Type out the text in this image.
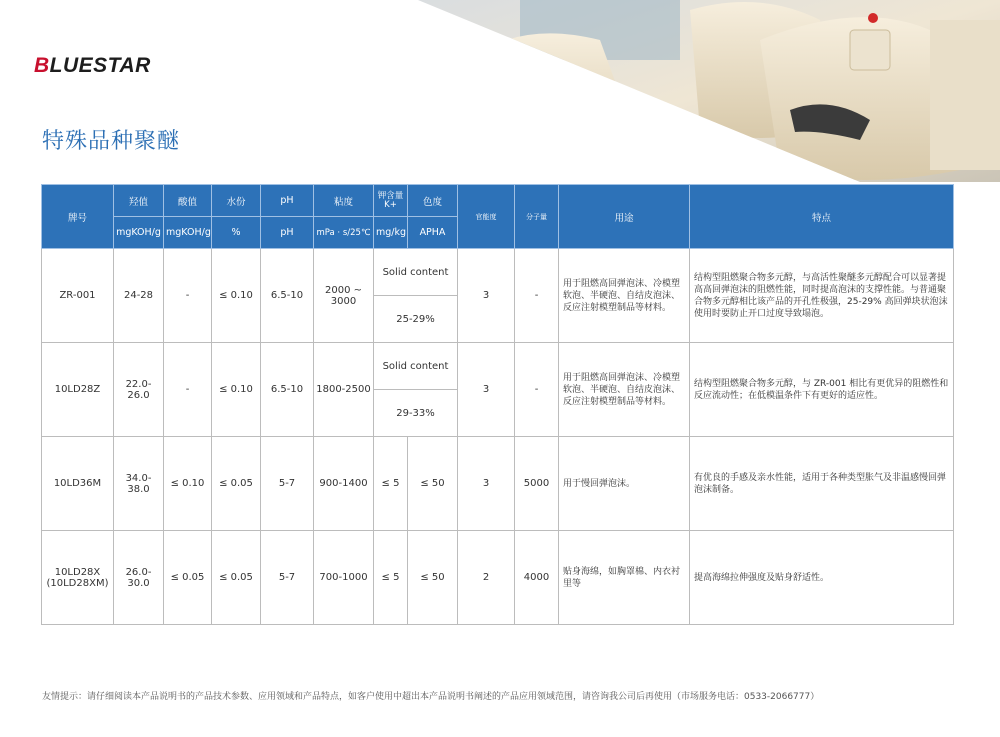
BLUESTAR
特殊品种聚醚
牌号	羟值	酸值	水份	pH	粘度	钾含量 K+	色度	官能度	分子量	用途	特点
	mgKOH/g	mgKOH/g	%	pH	mPa · s/25℃	mg/kg	APHA				
ZR-001	24-28	-	≤ 0.10	6.5-10	2000 ~ 3000	Solid content		3	-	用于阻燃高回弹泡沫、冷模塑软泡、半硬泡、自结皮泡沫、反应注射模塑制品等材料。	结构型阻燃聚合物多元醇，与高活性聚醚多元醇配合可以显著提高高回弹泡沫的阻燃性能，同时提高泡沫的支撑性能。与普通聚合物多元醇相比该产品的开孔性极强，25-29% 高回弹块状泡沫使用时要防止开口过度导致塌泡。
						25-29%					
10LD28Z	22.0-26.0	-	≤ 0.10	6.5-10	1800-2500	Solid content		3	-	用于阻燃高回弹泡沫、冷模塑软泡、半硬泡、自结皮泡沫、反应注射模塑制品等材料。	结构型阻燃聚合物多元醇，与 ZR-001 相比有更优异的阻燃性和反应流动性；在低模温条件下有更好的适应性。
						29-33%					
10LD36M	34.0-38.0	≤ 0.10	≤ 0.05	5-7	900-1400	≤ 5	≤ 50	3	5000	用于慢回弹泡沫。	有优良的手感及亲水性能，适用于各种类型胀气及非温感慢回弹泡沫制备。

10LD28X
(10LD28XM)	26.0-30.0	≤ 0.05	≤ 0.05	5-7	700-1000	≤ 5	≤ 50	2	4000	贴身海绵，如胸罩棉、内衣衬里等	提高海绵拉伸强度及贴身舒适性。
友情提示：请仔细阅读本产品说明书的产品技术参数、应用领域和产品特点，如客户使用中超出本产品说明书阐述的产品应用领域范围，请咨询我公司后再使用（市场服务电话：0533-2066777）
